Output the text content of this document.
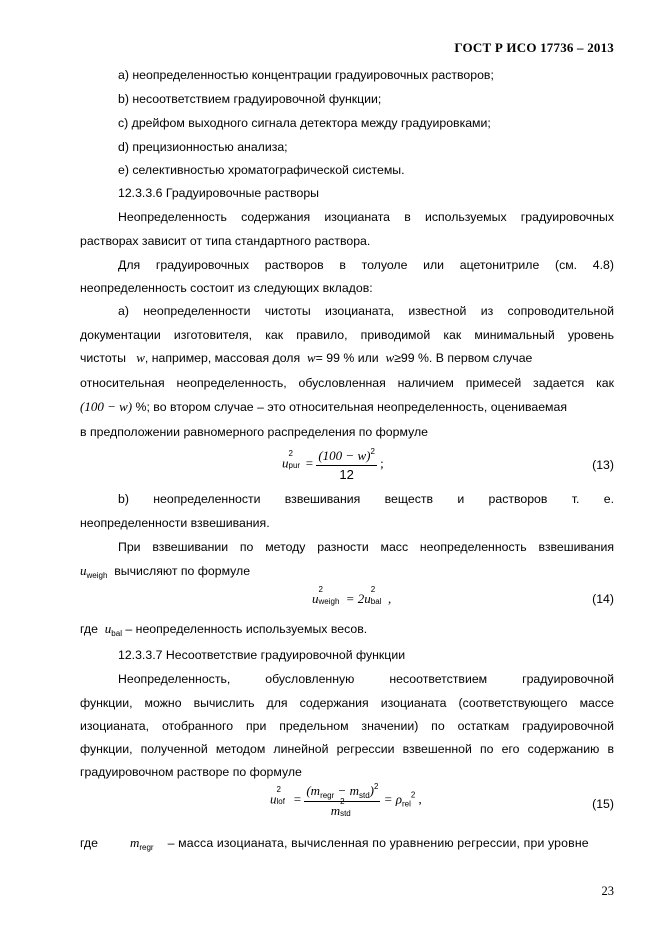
ГОСТ Р ИСО 17736 – 2013
а) неопределенностью концентрации градуировочных растворов;
b) несоответствием градуировочной функции;
с) дрейфом выходного сигнала детектора между градуировками;
d) прецизионностью анализа;
е) селективностью хроматографической системы.
12.3.3.6 Градуировочные растворы
Неопределенность содержания изоцианата в используемых градуировочных
растворах зависит от типа стандартного раствора.
Для градуировочных растворов в толуоле или ацетонитриле (см. 4.8)
неопределенность состоит из следующих вкладов:
а) неопределенности чистоты изоцианата, известной из сопроводительной
документации изготовителя, как правило, приводимой как минимальный уровень
чистоты w, например, массовая доля w= 99 % или w≥99 %. В первом случае
относительная неопределенность, обусловленная наличием примесей задается как
(100 − w) %; во втором случае – это относительная неопределенность, оцениваемая
в предположении равномерного распределения по формуле
u
2
pur = $\frac{(100 - w)^2}{12}$ ;	(13)
b) неопределенности взвешивания веществ и растворов т. е.
неопределенности взвешивания.
При взвешивании по методу разности масс неопределенность взвешивания
$u_{weigh}$ вычисляют по формуле
u
2
weigh = 2u
2
bal ,	(14)
где $u_{bal}$ – неопределенность используемых весов.
12.3.3.7 Несоответствие градуировочной функции
Неопределенность, обусловленную несоответствием градуировочной
функции, можно вычислить для содержания изоцианата (соответствующего массе
изоцианата, отобранного при предельном значении) по остаткам градуировочной
функции, полученной методом линейной регрессии взвешенной по его содержанию в
градуировочном растворе по формуле
u
2
lof = $(m_{regr} - m_{std})^2$
m
2
std = $\rho_{rel}^2$ ,	(15)
где $m_{regr}$ – масса изоцианата, вычисленная по уравнению регрессии, при уровне
23
